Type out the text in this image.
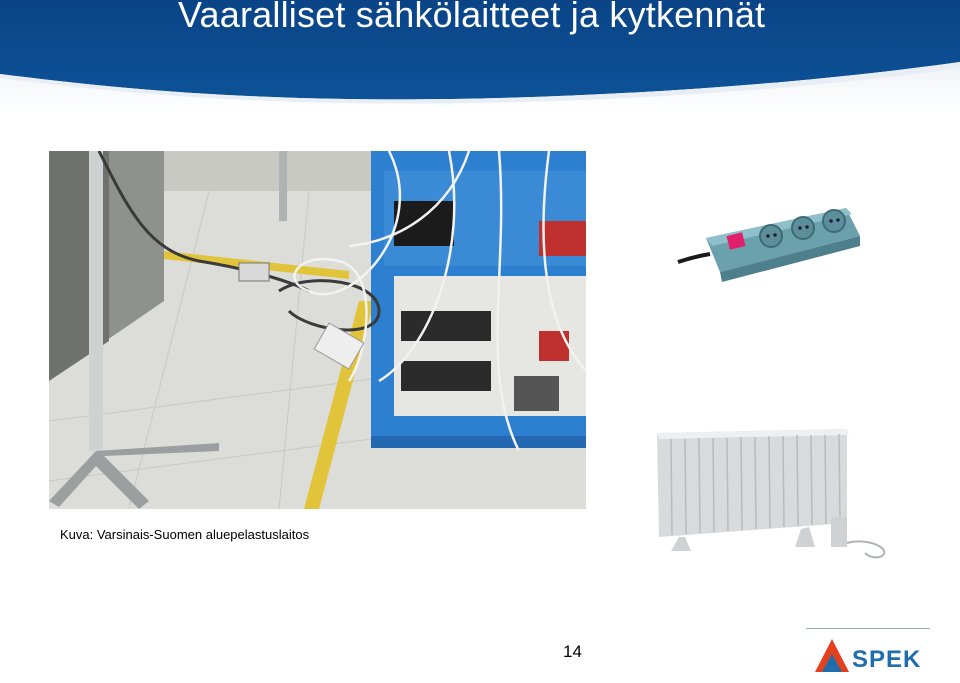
Vaaralliset sähkölaitteet ja kytkennät
Kuva: Varsinais-Suomen aluepelastuslaitos
14	SPEK
